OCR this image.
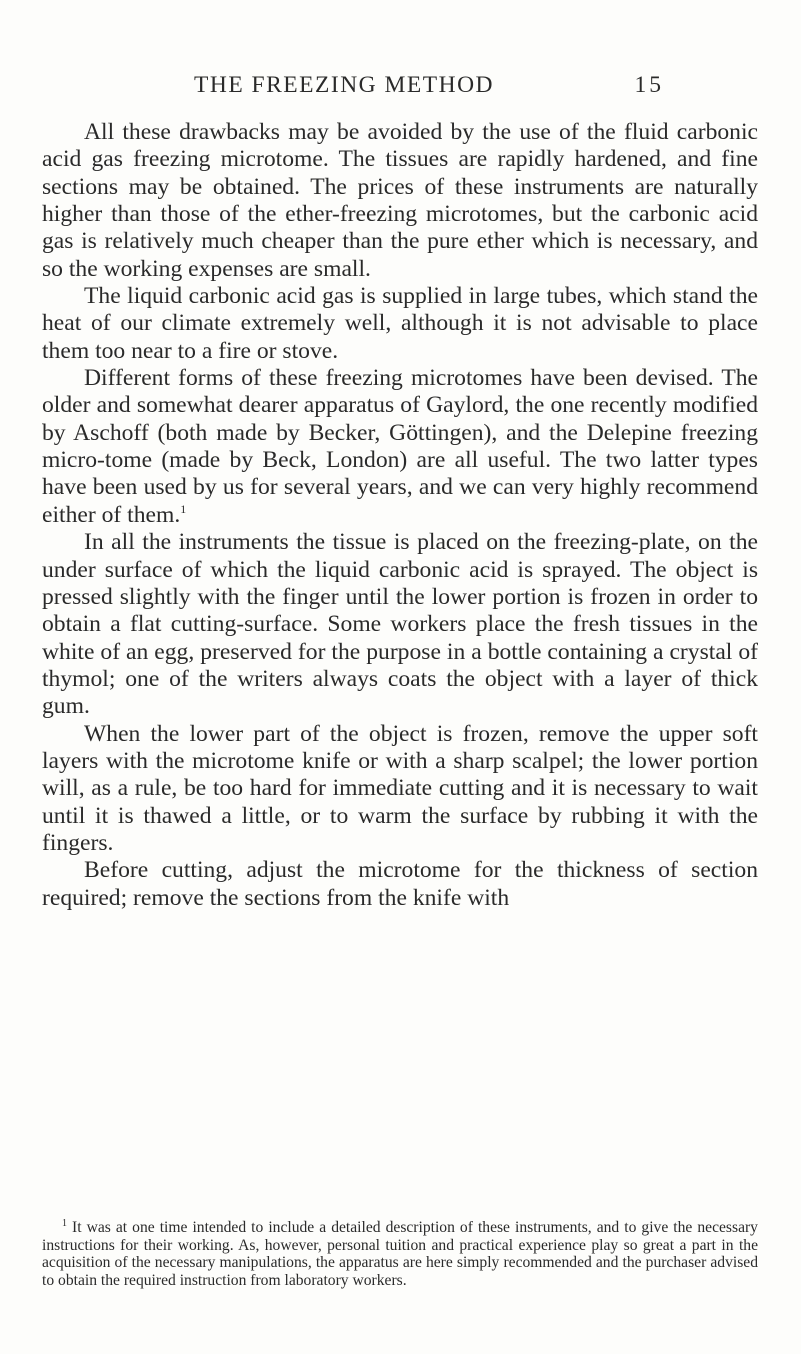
THE FREEZING METHOD	15

All these drawbacks may be avoided by the use of the fluid carbonic acid gas freezing microtome. The tissues are rapidly hardened, and fine sections may be obtained. The prices of these instruments are naturally higher than those of the ether-freezing microtomes, but the carbonic acid gas is relatively much cheaper than the pure ether which is necessary, and so the working expenses are small.

The liquid carbonic acid gas is supplied in large tubes, which stand the heat of our climate extremely well, although it is not advisable to place them too near to a fire or stove.

Different forms of these freezing microtomes have been devised. The older and somewhat dearer apparatus of Gaylord, the one recently modified by Aschoff (both made by Becker, Göttingen), and the Delepine freezing micro-tome (made by Beck, London) are all useful. The two latter types have been used by us for several years, and we can very highly recommend either of them.$^1$

In all the instruments the tissue is placed on the freezing-plate, on the under surface of which the liquid carbonic acid is sprayed. The object is pressed slightly with the finger until the lower portion is frozen in order to obtain a flat cutting-surface. Some workers place the fresh tissues in the white of an egg, preserved for the purpose in a bottle containing a crystal of thymol; one of the writers always coats the object with a layer of thick gum.

When the lower part of the object is frozen, remove the upper soft layers with the microtome knife or with a sharp scalpel; the lower portion will, as a rule, be too hard for immediate cutting and it is necessary to wait until it is thawed a little, or to warm the surface by rubbing it with the fingers.

Before cutting, adjust the microtome for the thickness of section required; remove the sections from the knife with

$^1$ It was at one time intended to include a detailed description of these instruments, and to give the necessary instructions for their working. As, however, personal tuition and practical experience play so great a part in the acquisition of the necessary manipulations, the apparatus are here simply recommended and the purchaser advised to obtain the required instruction from laboratory workers.
